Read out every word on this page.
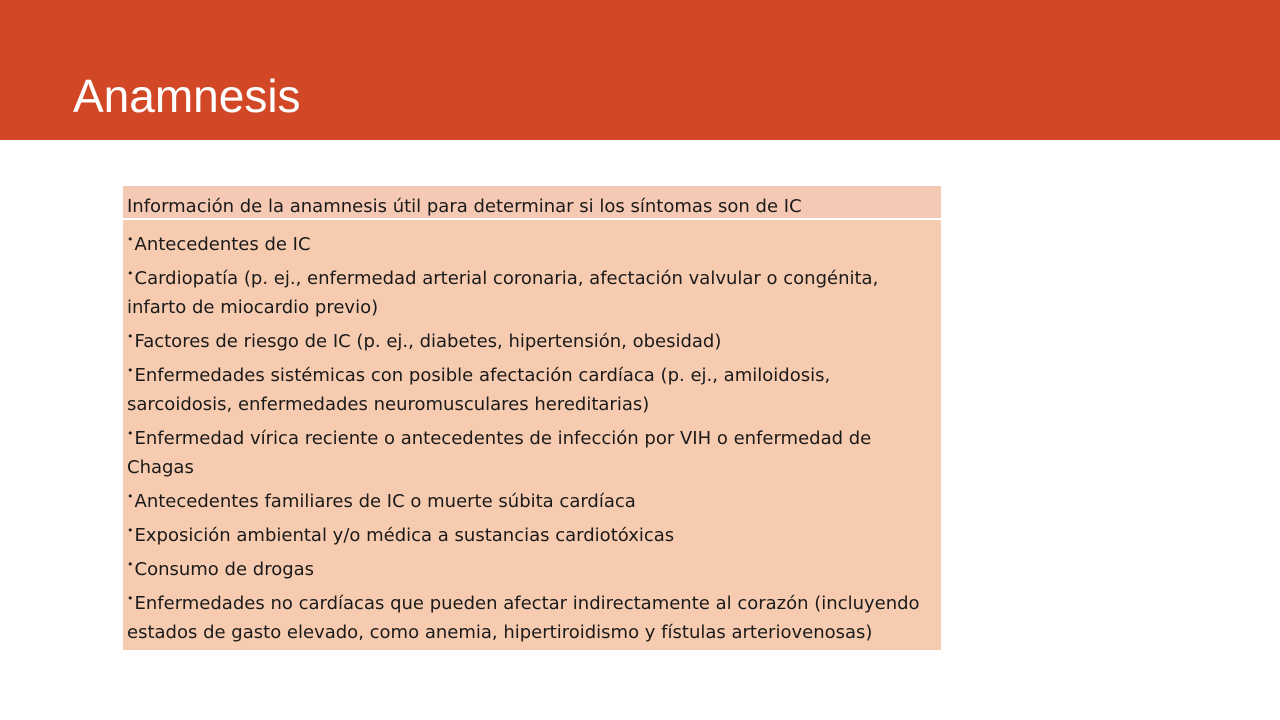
Anamnesis
Información de la anamnesis útil para determinar si los síntomas son de IC
•Antecedentes de IC
•Cardiopatía (p. ej., enfermedad arterial coronaria, afectación valvular o congénita, infarto de miocardio previo)
•Factores de riesgo de IC (p. ej., diabetes, hipertensión, obesidad)
•Enfermedades sistémicas con posible afectación cardíaca (p. ej., amiloidosis, sarcoidosis, enfermedades neuromusculares hereditarias)
•Enfermedad vírica reciente o antecedentes de infección por VIH o enfermedad de Chagas
•Antecedentes familiares de IC o muerte súbita cardíaca
•Exposición ambiental y/o médica a sustancias cardiotóxicas
•Consumo de drogas
•Enfermedades no cardíacas que pueden afectar indirectamente al corazón (incluyendo estados de gasto elevado, como anemia, hipertiroidismo y fístulas arteriovenosas)
